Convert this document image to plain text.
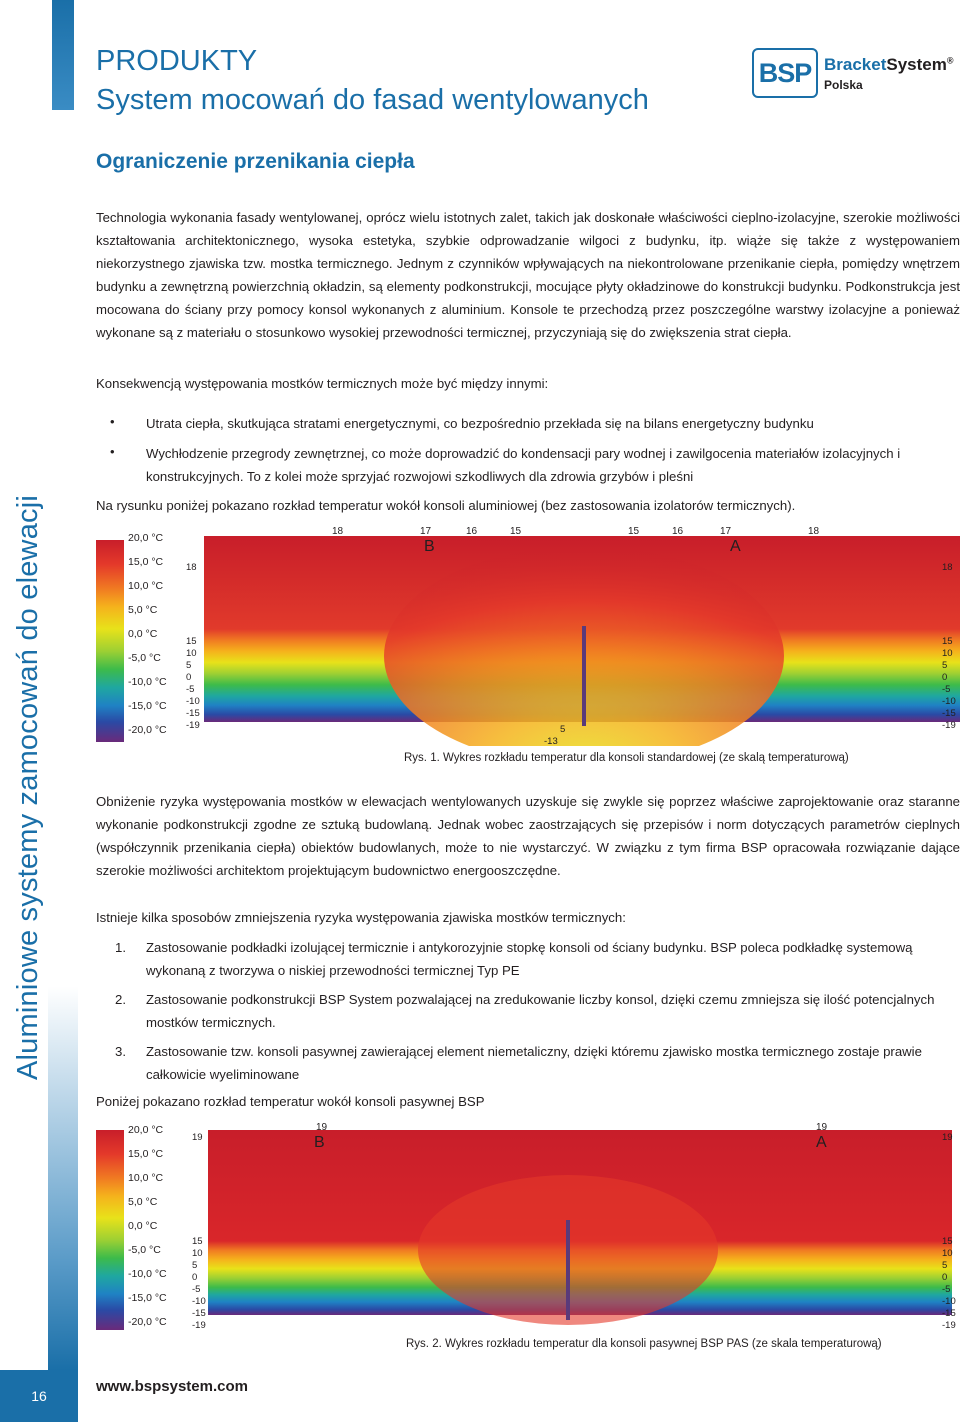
Aluminiowe systemy zamocowań do elewacji
16
PRODUKTY
System mocowań do fasad wentylowanych
BSP BracketSystem®
Polska
Ograniczenie przenikania ciepła
Technologia wykonania fasady wentylowanej, oprócz wielu istotnych zalet, takich jak doskonałe właściwości cieplno-izolacyjne, szerokie możliwości kształtowania architektonicznego, wysoka estetyka, szybkie odprowadzanie wilgoci z budynku, itp. wiąże się także z występowaniem niekorzystnego zjawiska tzw. mostka termicznego. Jednym z czynników wpływających na niekontrolowane przenikanie ciepła, pomiędzy wnętrzem budynku a zewnętrzną powierzchnią okładzin, są elementy podkonstrukcji, mocujące płyty okładzinowe do konstrukcji budynku. Podkonstrukcja jest mocowana do ściany przy pomocy konsol wykonanych z aluminium. Konsole te przechodzą przez poszczególne warstwy izolacyjne a ponieważ wykonane są z materiału o stosunkowo wysokiej przewodności termicznej, przyczyniają się do zwiększenia strat ciepła.
Konsekwencją występowania mostków termicznych może być między innymi:
• Utrata ciepła, skutkująca stratami energetycznymi, co bezpośrednio przekłada się na bilans energetyczny budynku
• Wychłodzenie przegrody zewnętrznej, co może doprowadzić do kondensacji pary wodnej i zawilgocenia materiałów izolacyjnych i konstrukcyjnych. To z kolei może sprzyjać rozwojowi szkodliwych dla zdrowia grzybów i pleśni
Na rysunku poniżej pokazano rozkład temperatur wokół konsoli aluminiowej (bez zastosowania izolatorów termicznych).
20,0 °C
15,0 °C
10,0 °C
5,0 °C
0,0 °C
-5,0 °C
-10,0 °C
-15,0 °C
-20,0 °C
18	17	16	15	15	16	17	18
B	A
18
15
10
5
0
-5
-10
-15
-19
18
15
10
5
0
-5
-10
-15
-19
5
-13
Rys. 1. Wykres rozkładu temperatur dla konsoli standardowej (ze skalą temperaturową)
Obniżenie ryzyka występowania mostków w elewacjach wentylowanych uzyskuje się zwykle się poprzez właściwe zaprojektowanie oraz staranne wykonanie podkonstrukcji zgodne ze sztuką budowlaną. Jednak wobec zaostrzających się przepisów i norm dotyczących parametrów cieplnych (współczynnik przenikania ciepła) obiektów budowlanych, może to nie wystarczyć. W związku z tym firma BSP opracowała rozwiązanie dające szerokie możliwości architektom projektującym budownictwo energooszczędne.
Istnieje kilka sposobów zmniejszenia ryzyka występowania zjawiska mostków termicznych:
1. Zastosowanie podkładki izolującej termicznie i antykorozyjnie stopkę konsoli od ściany budynku. BSP poleca podkładkę systemową wykonaną z tworzywa o niskiej przewodności termicznej Typ PE
2. Zastosowanie podkonstrukcji BSP System pozwalającej na zredukowanie liczby konsol, dzięki czemu zmniejsza się ilość potencjalnych mostków termicznych.
3. Zastosowanie tzw. konsoli pasywnej zawierającej element niemetaliczny, dzięki któremu zjawisko mostka termicznego zostaje prawie całkowicie wyeliminowane
Poniżej pokazano rozkład temperatur wokół konsoli pasywnej BSP
20,0 °C
15,0 °C
10,0 °C
5,0 °C
0,0 °C
-5,0 °C
-10,0 °C
-15,0 °C
-20,0 °C
19	19
B	A
19
15
10
5
0
-5
-10
-15
-19
19
15
10
5
0
-5
-10
-15
-19
Rys. 2. Wykres rozkładu temperatur dla konsoli pasywnej BSP PAS (ze skala temperaturową)
www.bspsystem.com
